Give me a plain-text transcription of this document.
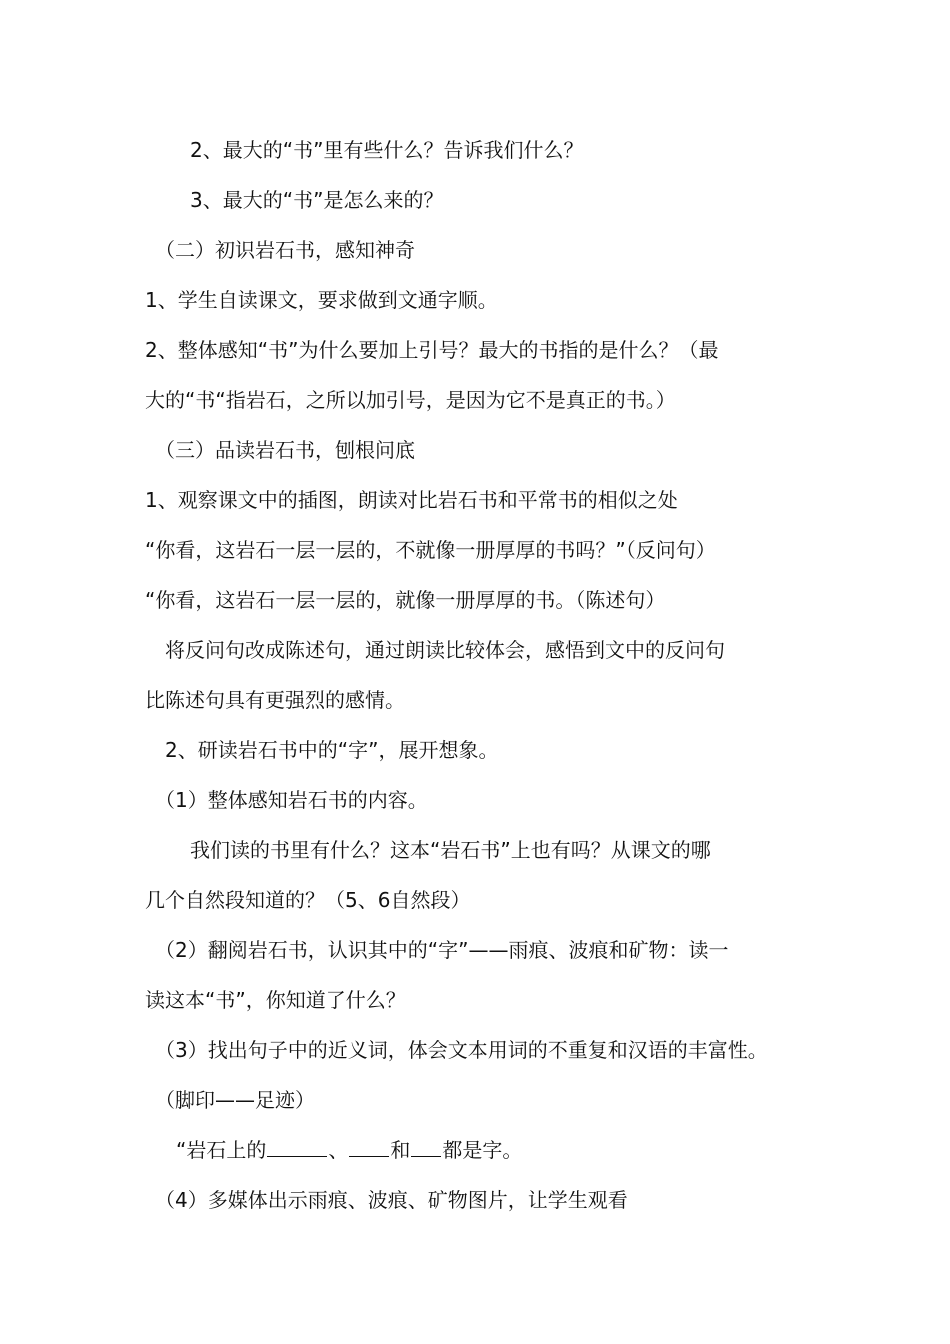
2、最大的“书”里有些什么？告诉我们什么？
3、最大的“书”是怎么来的？
（二）初识岩石书，感知神奇
1、学生自读课文，要求做到文通字顺。
2、整体感知“书”为什么要加上引号？最大的书指的是什么？（最
大的“书“指岩石，之所以加引号，是因为它不是真正的书。）
（三）品读岩石书，刨根问底
1、观察课文中的插图，朗读对比岩石书和平常书的相似之处
“你看，这岩石一层一层的，不就像一册厚厚的书吗？”（反问句）
“你看，这岩石一层一层的，就像一册厚厚的书。（陈述句）
将反问句改成陈述句，通过朗读比较体会，感悟到文中的反问句
比陈述句具有更强烈的感情。
2、研读岩石书中的“字”，展开想象。
（1）整体感知岩石书的内容。
我们读的书里有什么？这本“岩石书”上也有吗？从课文的哪
几个自然段知道的？（5、6自然段）
（2）翻阅岩石书，认识其中的“字”——雨痕、波痕和矿物：读一
读这本“书”，你知道了什么？
（3）找出句子中的近义词，体会文本用词的不重复和汉语的丰富性。
（脚印——足迹）
“岩石上的	、 和 都是字。
（4）多媒体出示雨痕、波痕、矿物图片，让学生观看
